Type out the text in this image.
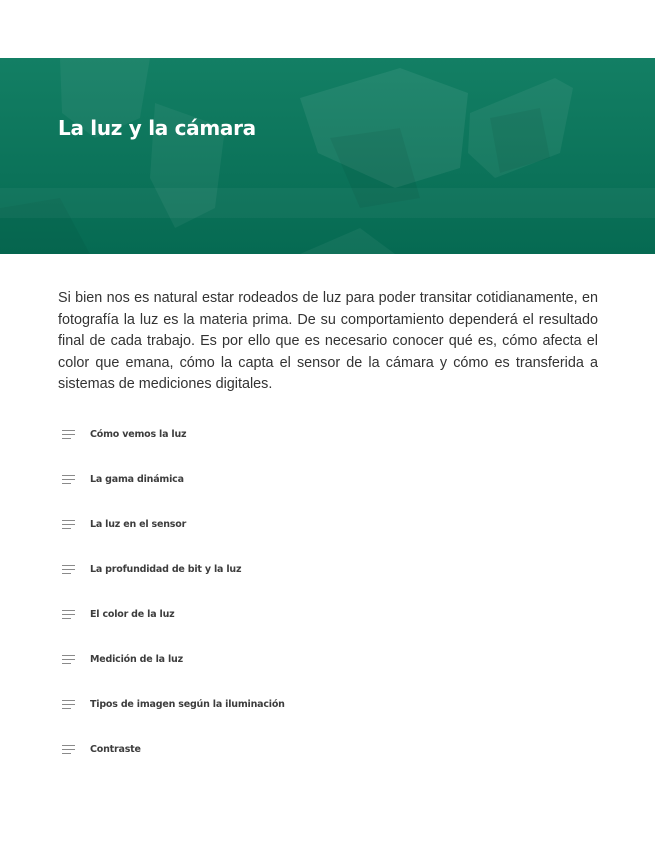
La luz y la cámara

Si bien nos es natural estar rodeados de luz para poder transitar cotidianamente, en fotografía la luz es la materia prima. De su comportamiento dependerá el resultado final de cada trabajo. Es por ello que es necesario conocer qué es, cómo afecta el color que emana, cómo la capta el sensor de la cámara y cómo es transferida a sistemas de mediciones digitales.

Cómo vemos la luz
La gama dinámica
La luz en el sensor
La profundidad de bit y la luz
El color de la luz
Medición de la luz
Tipos de imagen según la iluminación
Contraste
